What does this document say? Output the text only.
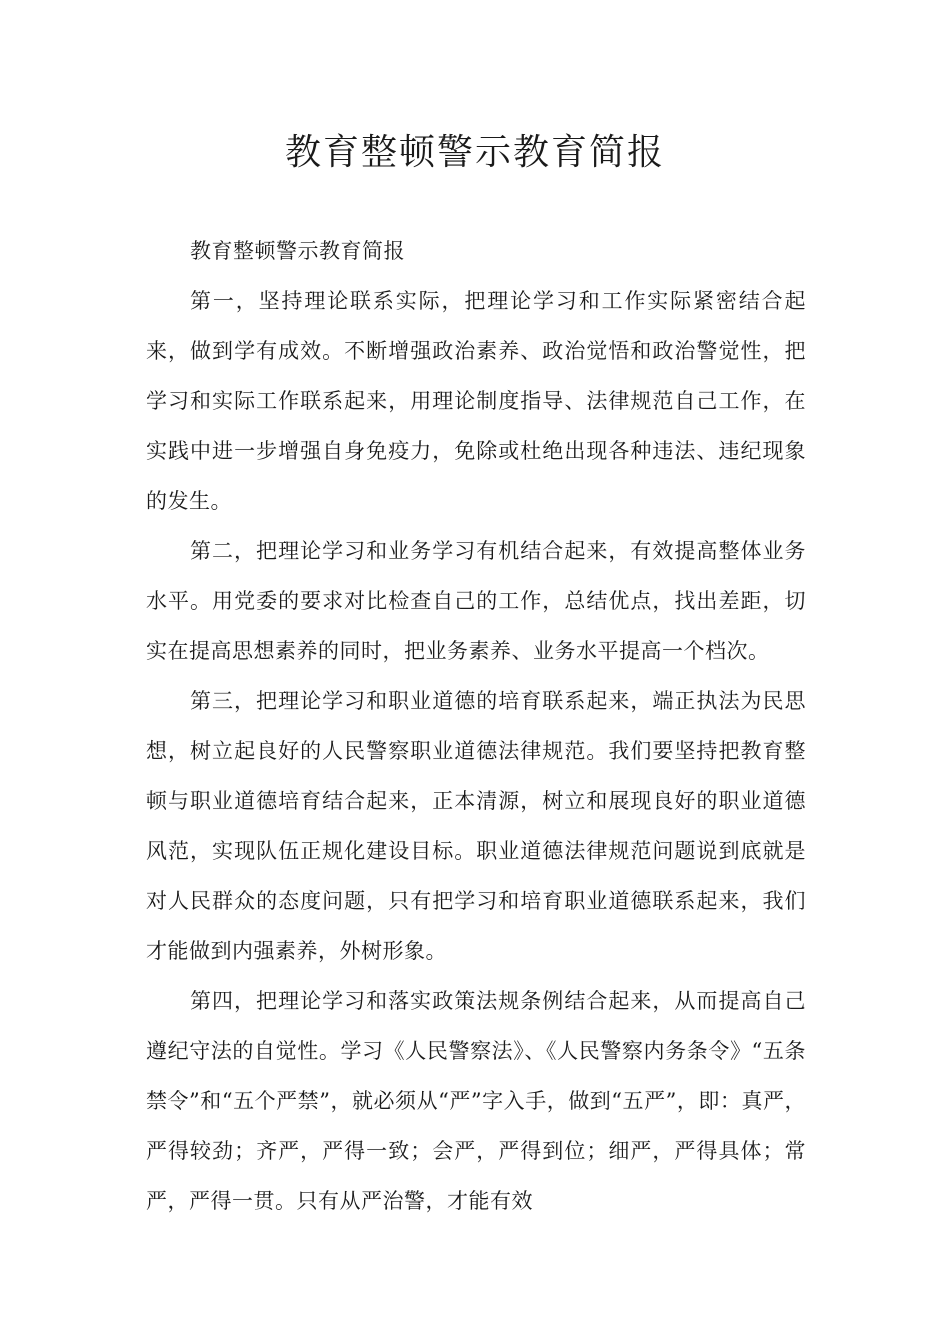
教育整顿警示教育简报

教育整顿警示教育简报

第一，坚持理论联系实际，把理论学习和工作实际紧密结合起来，做到学有成效。不断增强政治素养、政治觉悟和政治警觉性，把学习和实际工作联系起来，用理论制度指导、法律规范自己工作，在实践中进一步增强自身免疫力，免除或杜绝出现各种违法、违纪现象的发生。

第二，把理论学习和业务学习有机结合起来，有效提高整体业务水平。用党委的要求对比检查自己的工作，总结优点，找出差距，切实在提高思想素养的同时，把业务素养、业务水平提高一个档次。

第三，把理论学习和职业道德的培育联系起来，端正执法为民思想，树立起良好的人民警察职业道德法律规范。我们要坚持把教育整顿与职业道德培育结合起来，正本清源，树立和展现良好的职业道德风范，实现队伍正规化建设目标。职业道德法律规范问题说到底就是对人民群众的态度问题，只有把学习和培育职业道德联系起来，我们才能做到内强素养，外树形象。

第四，把理论学习和落实政策法规条例结合起来，从而提高自己遵纪守法的自觉性。学习《人民警察法》、《人民警察内务条令》“五条禁令”和“五个严禁”，就必须从“严”字入手，做到“五严”，即：真严，严得较劲；齐严，严得一致；会严，严得到位；细严，严得具体；常严，严得一贯。只有从严治警，才能有效
